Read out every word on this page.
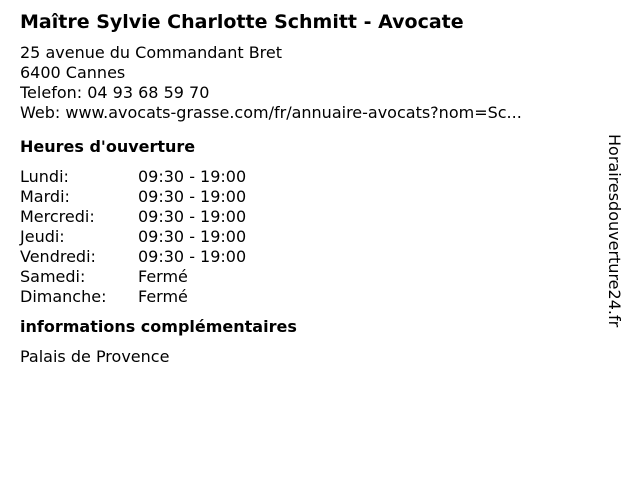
Maître Sylvie Charlotte Schmitt - Avocate
25 avenue du Commandant Bret
6400 Cannes
Telefon: 04 93 68 59 70
Web: www.avocats-grasse.com/fr/annuaire-avocats?nom=Sc...
Heures d'ouverture
Lundi:	09:30 - 19:00
Mardi:	09:30 - 19:00
Mercredi:	09:30 - 19:00
Jeudi:	09:30 - 19:00
Vendredi:	09:30 - 19:00
Samedi:	Fermé
Dimanche:	Fermé
informations complémentaires
Palais de Provence
Horairesdouverture24.fr
